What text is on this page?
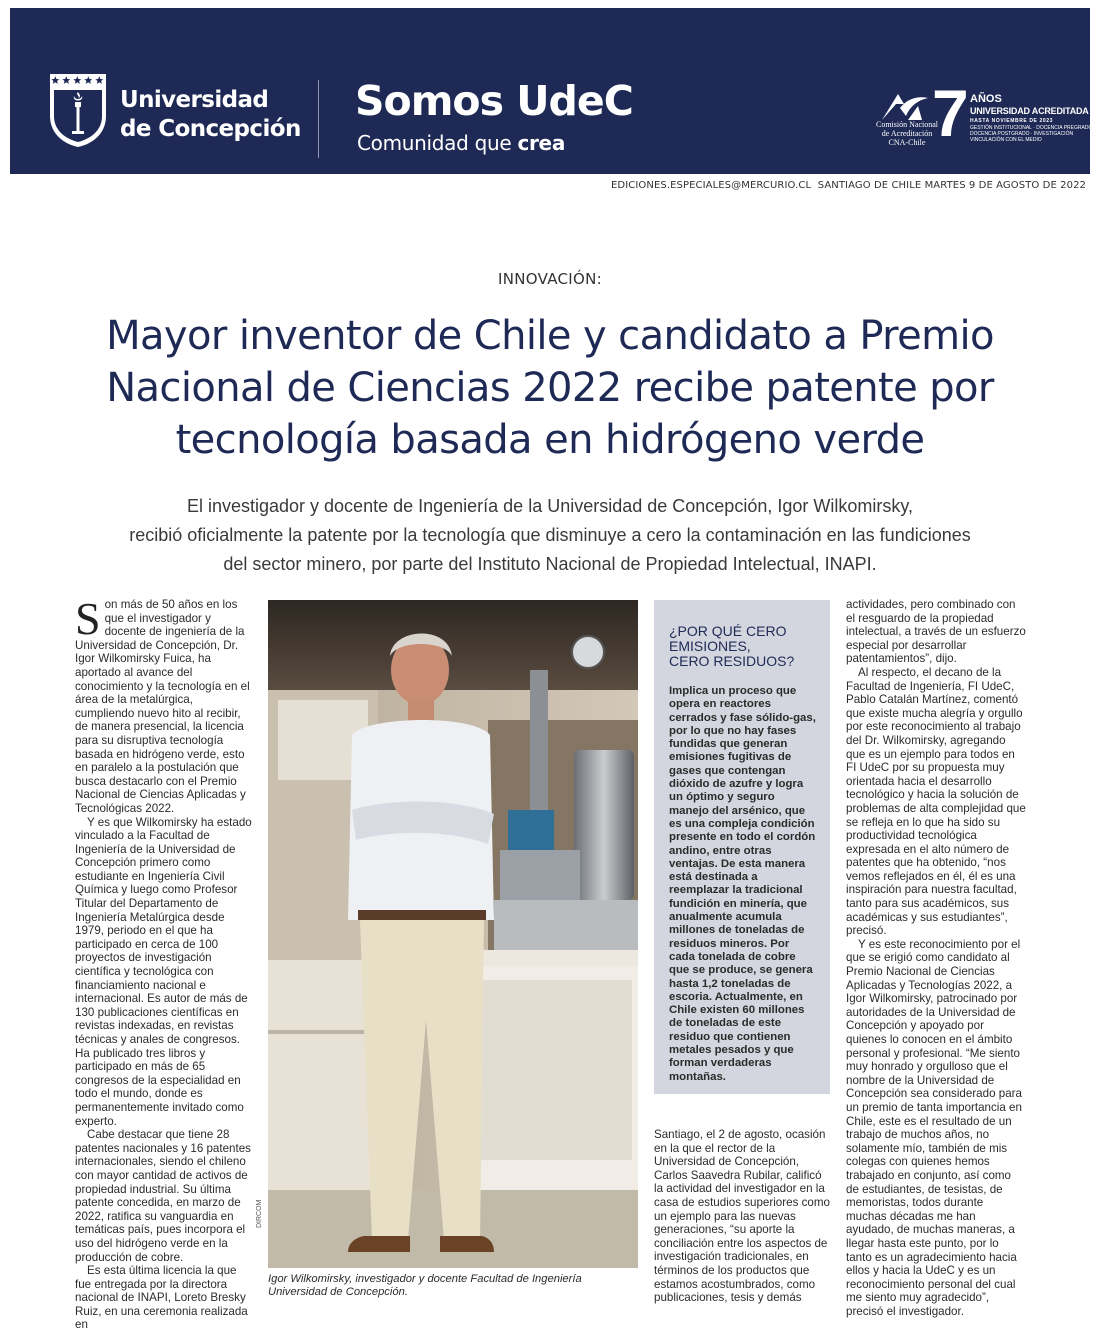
Universidad
de Concepción
Somos UdeC
Comunidad que crea
Comisión Nacional
de Acreditación
CNA-Chile 7 AÑOS
UNIVERSIDAD ACREDITADA
HASTA NOVIEMBRE DE 2023
GESTIÓN INSTITUCIONAL · DOCENCIA PREGRADO
DOCENCIA POSTGRADO · INVESTIGACIÓN
VINCULACIÓN CON EL MEDIO
EDICIONES.ESPECIALES@MERCURIO.CL SANTIAGO DE CHILE MARTES 9 DE AGOSTO DE 2022
INNOVACIÓN:
Mayor inventor de Chile y candidato a Premio
Nacional de Ciencias 2022 recibe patente por
tecnología basada en hidrógeno verde
El investigador y docente de Ingeniería de la Universidad de Concepción, Igor Wilkomirsky,
recibió oficialmente la patente por la tecnología que disminuye a cero la contaminación en las fundiciones
del sector minero, por parte del Instituto Nacional de Propiedad Intelectual, INAPI.

Son más de 50 años en los que el investigador y docente de ingeniería de la Universidad de Concepción, Dr. Igor Wilkomirsky Fuica, ha aportado al avance del conocimiento y la tecnología en el área de la metalúrgica, cumpliendo nuevo hito al recibir, de manera presencial, la licencia para su disruptiva tecnología basada en hidrógeno verde, esto en paralelo a la postulación que busca destacarlo con el Premio Nacional de Ciencias Aplicadas y Tecnológicas 2022.

Y es que Wilkomirsky ha estado vinculado a la Facultad de Ingeniería de la Universidad de Concepción primero como estudiante en Ingeniería Civil Química y luego como Profesor Titular del Departamento de Ingeniería Metalúrgica desde 1979, periodo en el que ha participado en cerca de 100 proyectos de investigación científica y tecnológica con financiamiento nacional e internacional. Es autor de más de 130 publicaciones científicas en revistas indexadas, en revistas técnicas y anales de congresos. Ha publicado tres libros y participado en más de 65 congresos de la especialidad en todo el mundo, donde es permanentemente invitado como experto.

Cabe destacar que tiene 28 patentes nacionales y 16 patentes internacionales, siendo el chileno con mayor cantidad de activos de propiedad industrial. Su última patente concedida, en marzo de 2022, ratifica su vanguardia en temáticas país, pues incorpora el uso del hidrógeno verde en la producción de cobre.

Es esta última licencia la que fue entregada por la directora nacional de INAPI, Loreto Bresky Ruiz, en una ceremonia realizada en

DIRCOM
Igor Wilkomirsky, investigador y docente Facultad de Ingeniería
Universidad de Concepción.
¿POR QUÉ CERO
EMISIONES,
CERO RESIDUOS?
Implica un proceso que opera en reactores cerrados y fase sólido-gas, por lo que no hay fases fundidas que generan emisiones fugitivas de gases que contengan dióxido de azufre y logra un óptimo y seguro manejo del arsénico, que es una compleja condición presente en todo el cordón andino, entre otras ventajas. De esta manera está destinada a reemplazar la tradicional fundición en minería, que anualmente acumula millones de toneladas de residuos mineros. Por cada tonelada de cobre que se produce, se genera hasta 1,2 toneladas de escoria. Actualmente, en Chile existen 60 millones de toneladas de este residuo que contienen metales pesados y que forman verdaderas montañas.

Santiago, el 2 de agosto, ocasión en la que el rector de la Universidad de Concepción, Carlos Saavedra Rubilar, calificó la actividad del investigador en la casa de estudios superiores como un ejemplo para las nuevas generaciones, “su aporte la conciliación entre los aspectos de investigación tradicionales, en términos de los productos que estamos acostumbrados, como publicaciones, tesis y demás

actividades, pero combinado con el resguardo de la propiedad intelectual, a través de un esfuerzo especial por desarrollar patentamientos”, dijo.

Al respecto, el decano de la Facultad de Ingeniería, FI UdeC, Pablo Catalán Martínez, comentó que existe mucha alegría y orgullo por este reconocimiento al trabajo del Dr. Wilkomirsky, agregando que es un ejemplo para todos en FI UdeC por su propuesta muy orientada hacia el desarrollo tecnológico y hacia la solución de problemas de alta complejidad que se refleja en lo que ha sido su productividad tecnológica expresada en el alto número de patentes que ha obtenido, “nos vemos reflejados en él, él es una inspiración para nuestra facultad, tanto para sus académicos, sus académicas y sus estudiantes”, precisó.

Y es este reconocimiento por el que se erigió como candidato al Premio Nacional de Ciencias Aplicadas y Tecnologías 2022, a Igor Wilkomirsky, patrocinado por autoridades de la Universidad de Concepción y apoyado por quienes lo conocen en el ámbito personal y profesional. “Me siento muy honrado y orgulloso que el nombre de la Universidad de Concepción sea considerado para un premio de tanta importancia en Chile, este es el resultado de un trabajo de muchos años, no solamente mío, también de mis colegas con quienes hemos trabajado en conjunto, así como de estudiantes, de tesistas, de memoristas, todos durante muchas décadas me han ayudado, de muchas maneras, a llegar hasta este punto, por lo tanto es un agradecimiento hacia ellos y hacia la UdeC y es un reconocimiento personal del cual me siento muy agradecido”, precisó el investigador.
